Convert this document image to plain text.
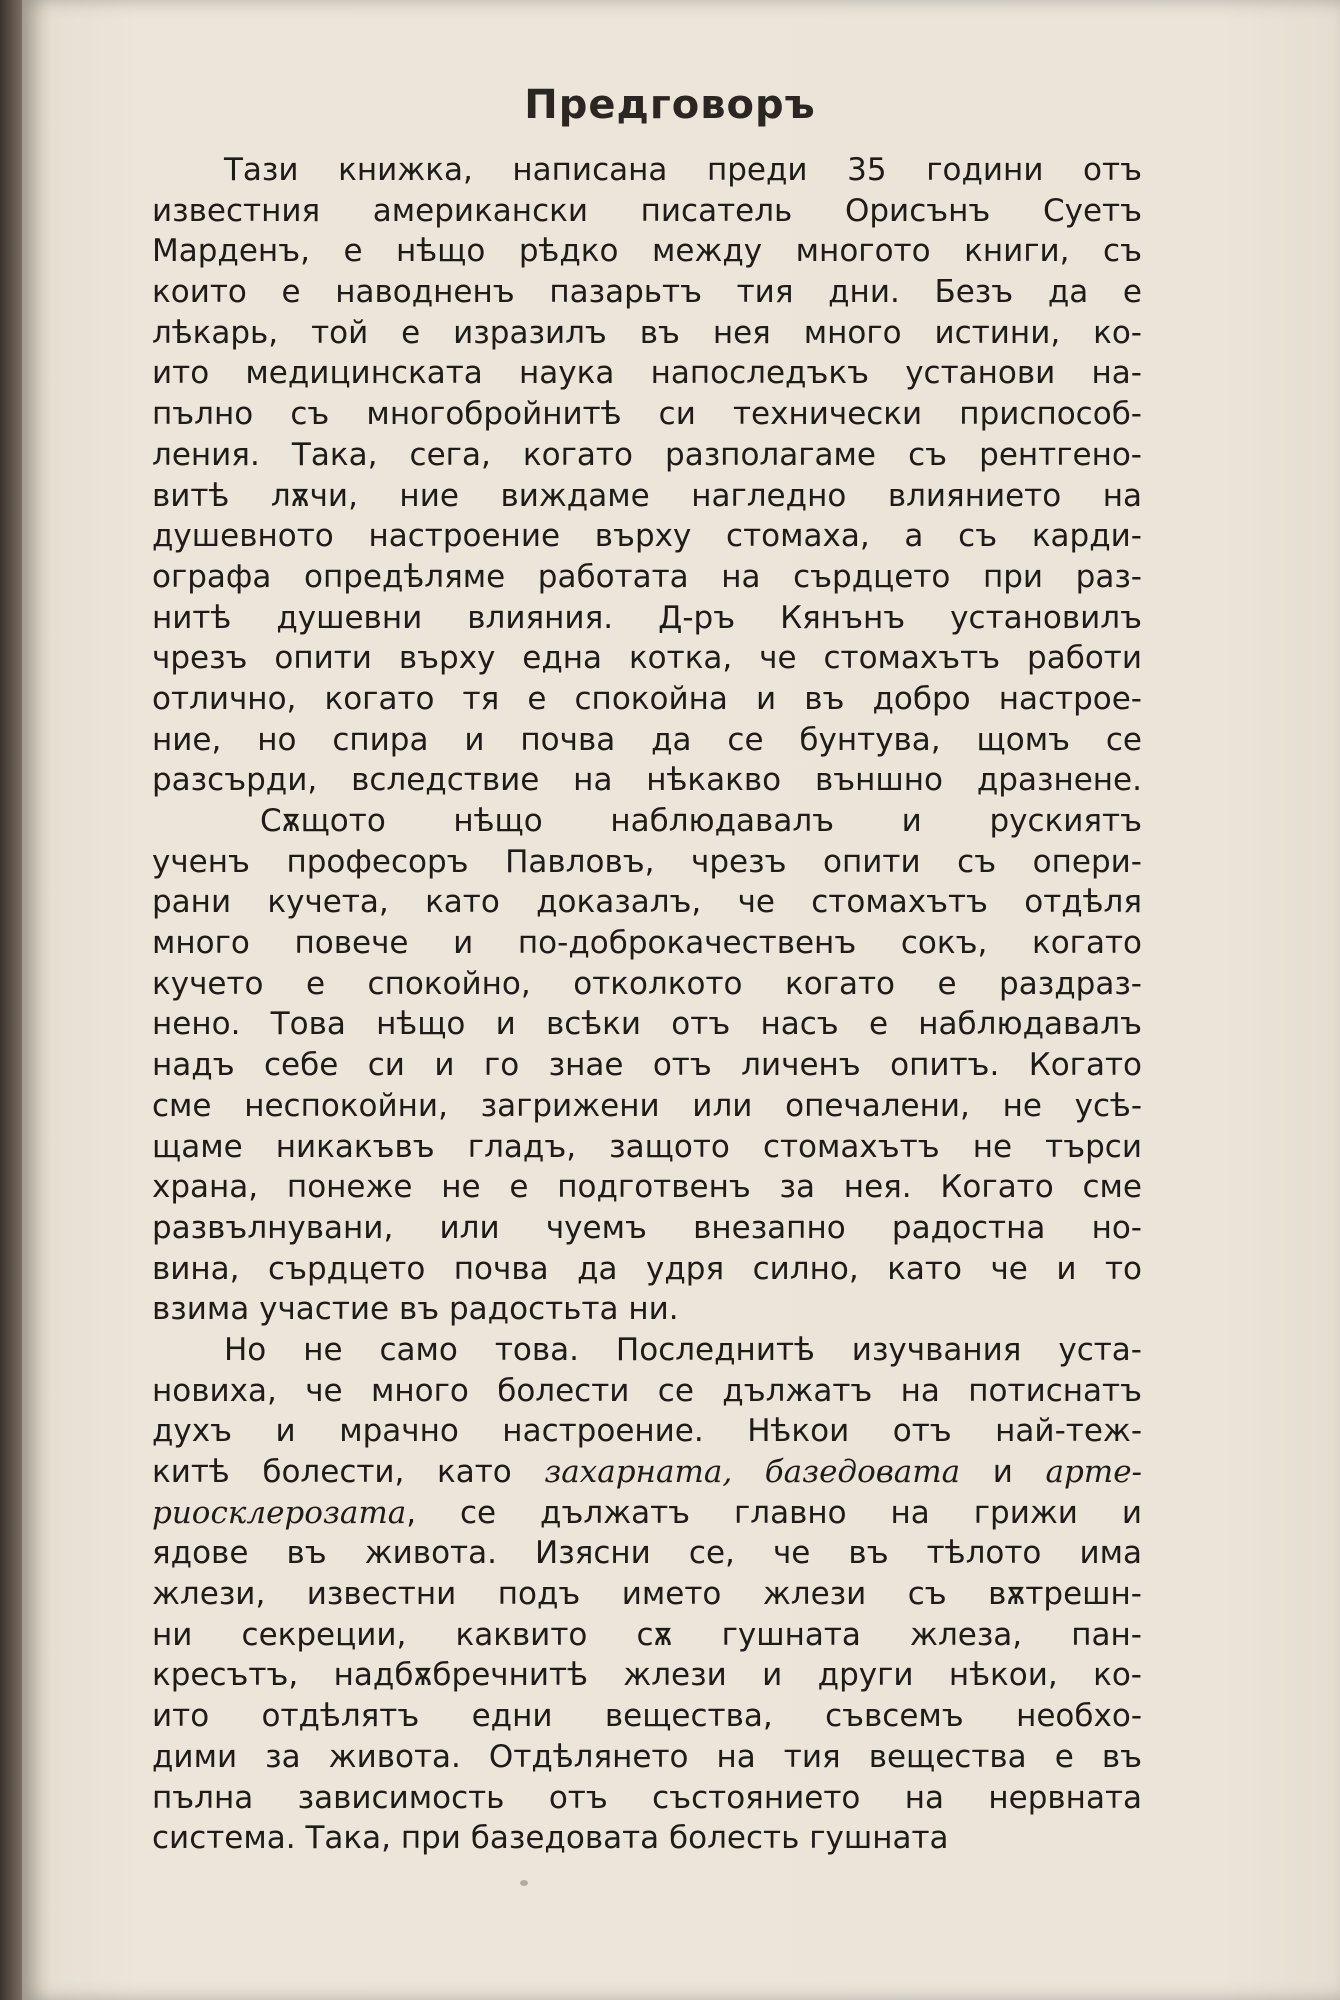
Предговоръ
Тази книжка, написана преди 35 години отъ
известния американски писатель Орисънъ Суетъ
Марденъ, е нѣщо рѣдко между многото книги, съ
които е наводненъ пазарьтъ тия дни. Безъ да е
лѣкарь, той е изразилъ въ нея много истини, ко-
ито медицинската наука напоследъкъ установи на-
пълно съ многобройнитѣ си технически приспособ-
ления. Така, сега, когато разполагаме съ рентгено-
витѣ лѫчи, ние виждаме нагледно влиянието на
душевното настроение върху стомаха, а съ карди-
ографа опредѣляме работата на сърдцето при раз-
нитѣ душевни влияния. Д-ръ Кянънъ установилъ
чрезъ опити върху една котка, че стомахътъ работи
отлично, когато тя е спокойна и въ добро настрое-
ние, но спира и почва да се бунтува, щомъ се
разсърди, вследствие на нѣкакво външно дразнене.
Сѫщото нѣщо наблюдавалъ и рускиятъ
ученъ професоръ Павловъ, чрезъ опити съ опери-
рани кучета, като доказалъ, че стомахътъ отдѣля
много повече и по-доброкачественъ сокъ, когато
кучето е спокойно, отколкото когато е раздраз-
нено. Това нѣщо и всѣки отъ насъ е наблюдавалъ
надъ себе си и го знае отъ личенъ опитъ. Когато
сме неспокойни, загрижени или опечалени, не усѣ-
щаме никакъвъ гладъ, защото стомахътъ не търси
храна, понеже не е подготвенъ за нея. Когато сме
развълнувани, или чуемъ внезапно радостна но-
вина, сърдцето почва да удря силно, като че и то
взима участие въ радостьта ни.
Но не само това. Последнитѣ изучвания уста-
новиха, че много болести се дължатъ на потиснатъ
духъ и мрачно настроение. Нѣкои отъ най-теж-
китѣ болести, като захарната, базедовата и арте-
риосклерозата, се дължатъ главно на грижи и
ядове въ живота. Изясни се, че въ тѣлото има
жлези, известни подъ името жлези съ вѫтрешн-
ни секреции, каквито сѫ гушната жлеза, пан-
кресътъ, надбѫбречнитѣ жлези и други нѣкои, ко-
ито отдѣлятъ едни вещества, съвсемъ необхо-
дими за живота. Отдѣлянето на тия вещества е въ
пълна зависимость отъ състоянието на нервната
система. Така, при базедовата болесть гушната
